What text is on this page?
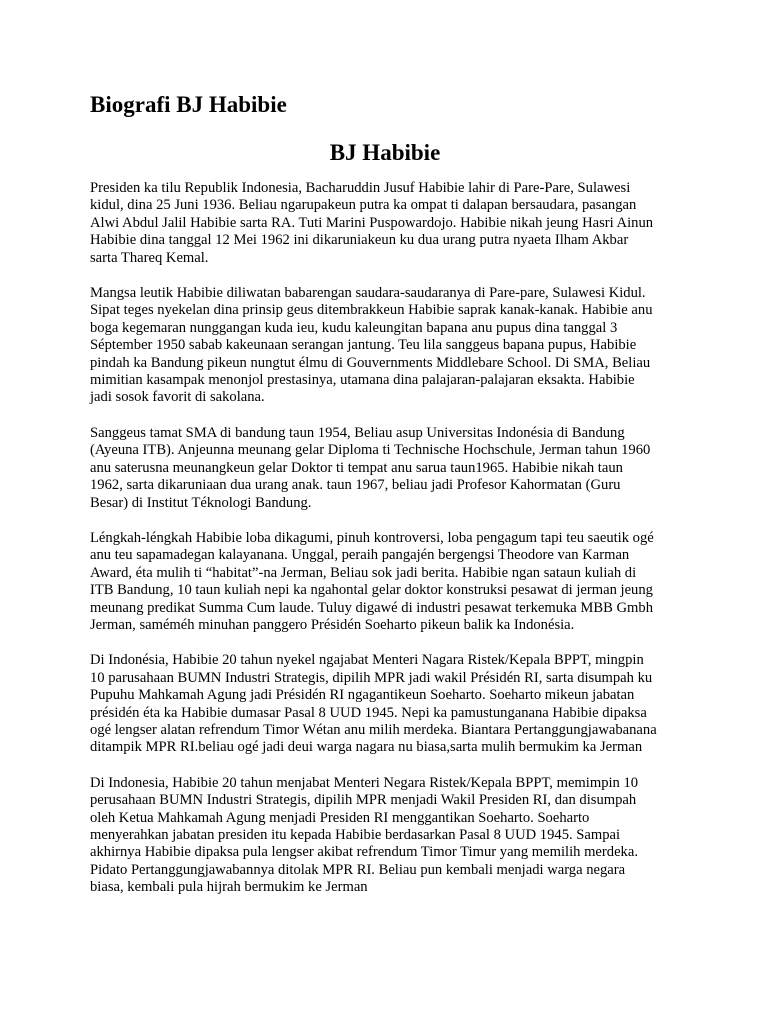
Biografi BJ Habibie
BJ Habibie
Presiden ka tilu Republik Indonesia, Bacharuddin Jusuf Habibie lahir di Pare-Pare, Sulawesi
kidul, dina 25 Juni 1936. Beliau ngarupakeun putra ka ompat ti dalapan bersaudara, pasangan
Alwi Abdul Jalil Habibie sarta RA. Tuti Marini Puspowardojo. Habibie nikah jeung Hasri Ainun
Habibie dina tanggal 12 Mei 1962 ini dikaruniakeun ku dua urang putra nyaeta Ilham Akbar
sarta Thareq Kemal.
Mangsa leutik Habibie diliwatan babarengan saudara-saudaranya di Pare-pare, Sulawesi Kidul.
Sipat teges nyekelan dina prinsip geus ditembrakkeun Habibie saprak kanak-kanak. Habibie anu
boga kegemaran nunggangan kuda ieu, kudu kaleungitan bapana anu pupus dina tanggal 3
Séptember 1950 sabab kakeunaan serangan jantung. Teu lila sanggeus bapana pupus, Habibie
pindah ka Bandung pikeun nungtut élmu di Gouvernments Middlebare School. Di SMA, Beliau
mimitian kasampak menonjol prestasinya, utamana dina palajaran-palajaran eksakta. Habibie
jadi sosok favorit di sakolana.
Sanggeus tamat SMA di bandung taun 1954, Beliau asup Universitas Indonésia di Bandung
(Ayeuna ITB). Anjeunna meunang gelar Diploma ti Technische Hochschule, Jerman tahun 1960
anu saterusna meunangkeun gelar Doktor ti tempat anu sarua taun1965. Habibie nikah taun
1962, sarta dikaruniaan dua urang anak. taun 1967, beliau jadi Profesor Kahormatan (Guru
Besar) di Institut Téknologi Bandung.
Léngkah-léngkah Habibie loba dikagumi, pinuh kontroversi, loba pengagum tapi teu saeutik ogé
anu teu sapamadegan kalayanana. Unggal, peraih pangajén bergengsi Theodore van Karman
Award, éta mulih ti “habitat”-na Jerman, Beliau sok jadi berita. Habibie ngan sataun kuliah di
ITB Bandung, 10 taun kuliah nepi ka ngahontal gelar doktor konstruksi pesawat di jerman jeung
meunang predikat Summa Cum laude. Tuluy digawé di industri pesawat terkemuka MBB Gmbh
Jerman, saméméh minuhan panggero Présidén Soeharto pikeun balik ka Indonésia.
Di Indonésia, Habibie 20 tahun nyekel ngajabat Menteri Nagara Ristek/Kepala BPPT, mingpin
10 parusahaan BUMN Industri Strategis, dipilih MPR jadi wakil Présidén RI, sarta disumpah ku
Pupuhu Mahkamah Agung jadi Présidén RI ngagantikeun Soeharto. Soeharto mikeun jabatan
présidén éta ka Habibie dumasar Pasal 8 UUD 1945. Nepi ka pamustunganana Habibie dipaksa
ogé lengser alatan refrendum Timor Wétan anu milih merdeka. Biantara Pertanggungjawabanana
ditampik MPR RI.beliau ogé jadi deui warga nagara nu biasa,sarta mulih bermukim ka Jerman
Di Indonesia, Habibie 20 tahun menjabat Menteri Negara Ristek/Kepala BPPT, memimpin 10
perusahaan BUMN Industri Strategis, dipilih MPR menjadi Wakil Presiden RI, dan disumpah
oleh Ketua Mahkamah Agung menjadi Presiden RI menggantikan Soeharto. Soeharto
menyerahkan jabatan presiden itu kepada Habibie berdasarkan Pasal 8 UUD 1945. Sampai
akhirnya Habibie dipaksa pula lengser akibat refrendum Timor Timur yang memilih merdeka.
Pidato Pertanggungjawabannya ditolak MPR RI. Beliau pun kembali menjadi warga negara
biasa, kembali pula hijrah bermukim ke Jerman
